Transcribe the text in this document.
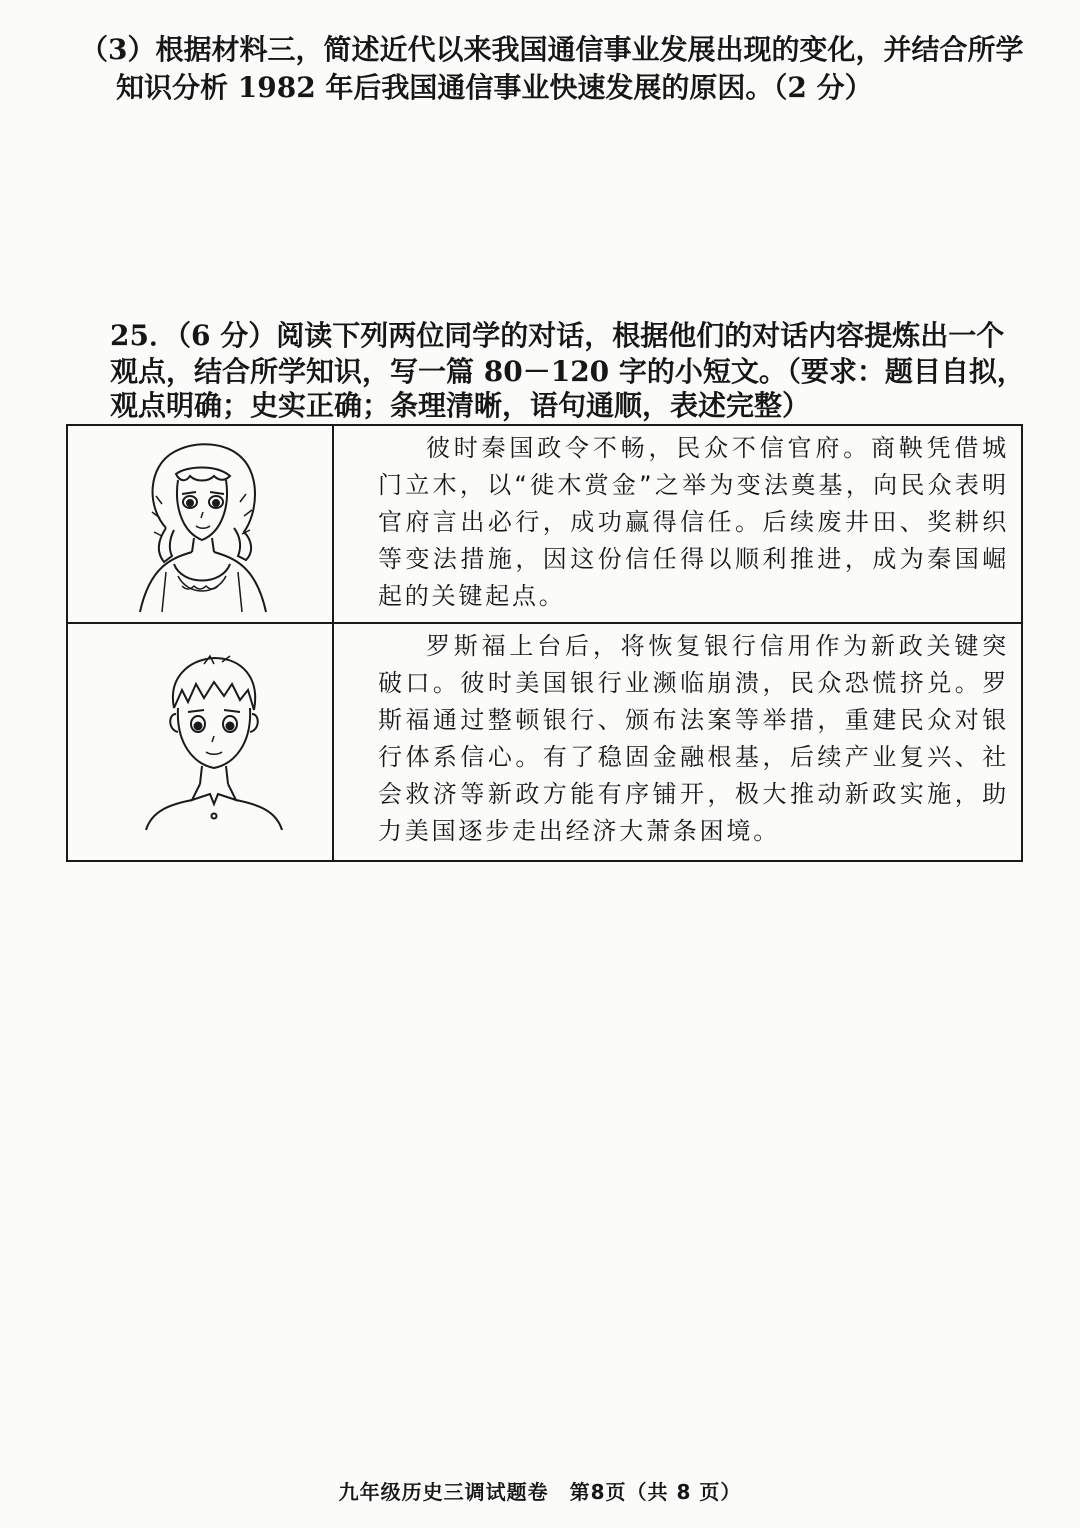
（3）根据材料三，简述近代以来我国通信事业发展出现的变化，并结合所学
知识分析 1982 年后我国通信事业快速发展的原因。（2 分）
25．（6 分）阅读下列两位同学的对话，根据他们的对话内容提炼出一个
观点，结合所学知识，写一篇 80－120 字的小短文。（要求：题目自拟，
观点明确；史实正确；条理清晰，语句通顺，表述完整）
彼时秦国政令不畅，民众不信官府。商鞅凭借城门立木，以“徙木赏金”之举为变法奠基，向民众表明官府言出必行，成功赢得信任。后续废井田、奖耕织等变法措施，因这份信任得以顺利推进，成为秦国崛起的关键起点。
罗斯福上台后，将恢复银行信用作为新政关键突破口。彼时美国银行业濒临崩溃，民众恐慌挤兑。罗斯福通过整顿银行、颁布法案等举措，重建民众对银行体系信心。有了稳固金融根基，后续产业复兴、社会救济等新政方能有序铺开，极大推动新政实施，助力美国逐步走出经济大萧条困境。
九年级历史三调试题卷　第8页（共 8 页）
